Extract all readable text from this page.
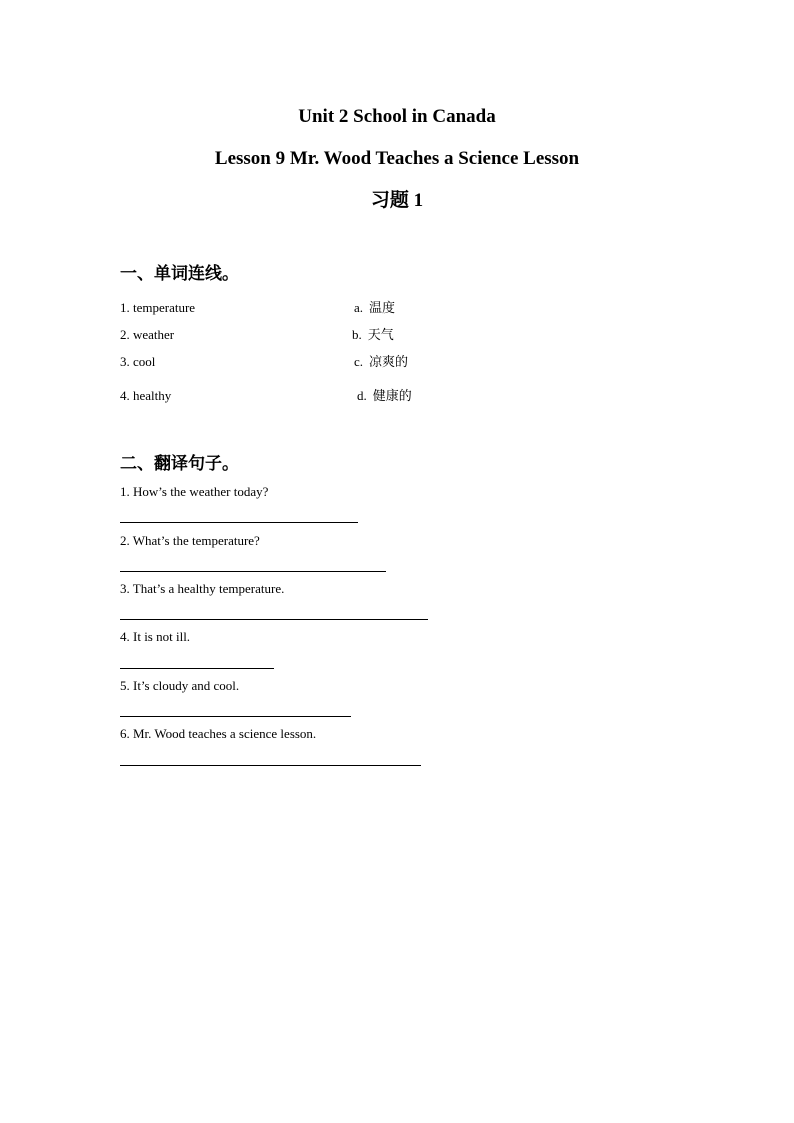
Unit 2 School in Canada
Lesson 9 Mr. Wood Teaches a Science Lesson
习题 1
一、单词连线。
1. temperature
2. weather
3. cool
4. healthy
a. 温度
b. 天气
c. 凉爽的
d. 健康的
二、翻译句子。
1. How’s the weather today?
2. What’s the temperature?
3. That’s a healthy temperature.
4. It is not ill.
5. It’s cloudy and cool.
6. Mr. Wood teaches a science lesson.
